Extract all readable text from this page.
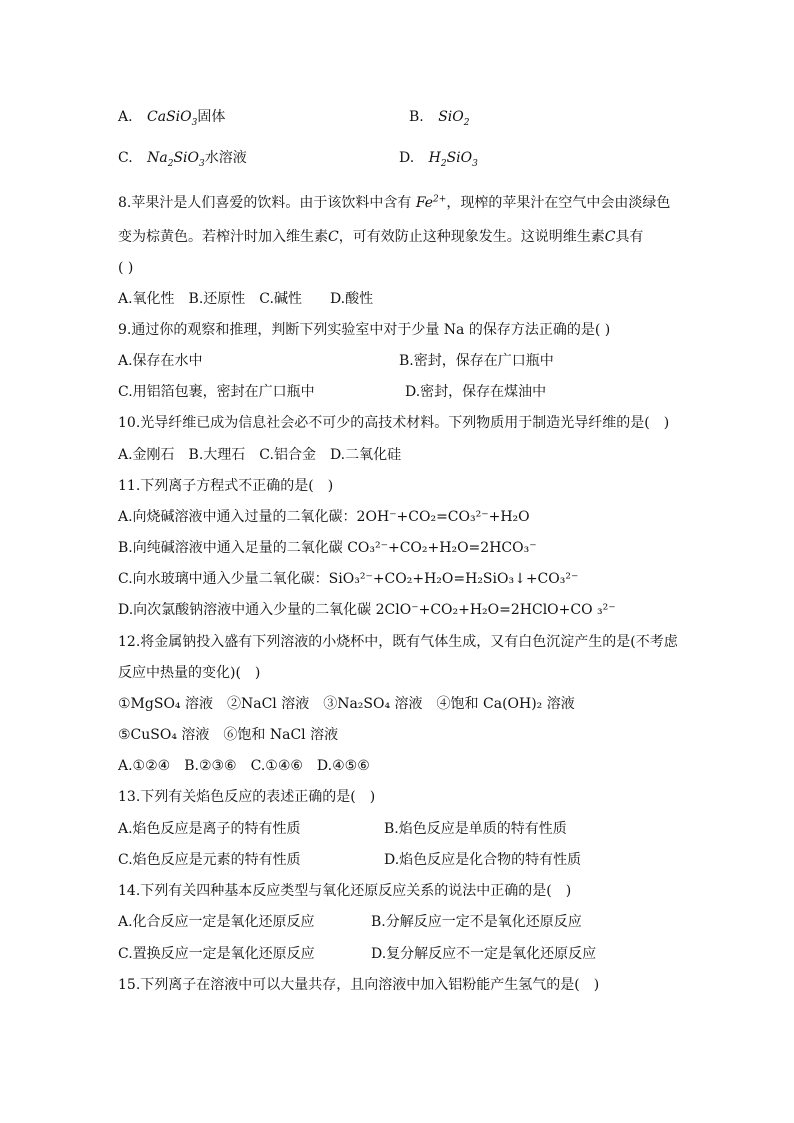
A. CaSiO$_3$固体	B. SiO$_2$
C. $Na_2SiO_3$水溶液	D. $H_2SiO_3$
8.苹果汁是人们喜爱的饮料。由于该饮料中含有 $Fe^{2+}$，现榨的苹果汁在空气中会由淡绿色
变为棕黄色。若榨汁时加入维生素C，可有效防止这种现象发生。这说明维生素C具有
( )
A.氧化性　B.还原性　C.碱性　　D.酸性
9.通过你的观察和推理，判断下列实验室中对于少量 Na 的保存方法正确的是( )
A.保存在水中	B.密封，保存在广口瓶中
C.用铝箔包裹，密封在广口瓶中	D.密封，保存在煤油中
10.光导纤维已成为信息社会必不可少的高技术材料。下列物质用于制造光导纤维的是(　)
A.金刚石　B.大理石　C.铝合金　D.二氧化硅
11.下列离子方程式不正确的是(　)
A.向烧碱溶液中通入过量的二氧化碳：2OH⁻+CO₂=CO₃²⁻+H₂O
B.向纯碱溶液中通入足量的二氧化碳 CO₃²⁻+CO₂+H₂O=2HCO₃⁻
C.向水玻璃中通入少量二氧化碳：SiO₃²⁻+CO₂+H₂O=H₂SiO₃↓+CO₃²⁻
D.向次氯酸钠溶液中通入少量的二氧化碳 2ClO⁻+CO₂+H₂O=2HClO+CO ₃²⁻
12.将金属钠投入盛有下列溶液的小烧杯中，既有气体生成，又有白色沉淀产生的是(不考虑
反应中热量的变化)(　)
①MgSO₄ 溶液　②NaCl 溶液　③Na₂SO₄ 溶液　④饱和 Ca(OH)₂ 溶液
⑤CuSO₄ 溶液　⑥饱和 NaCl 溶液
A.①②④　B.②③⑥　C.①④⑥　D.④⑤⑥
13.下列有关焰色反应的表述正确的是(　)
A.焰色反应是离子的特有性质	B.焰色反应是单质的特有性质
C.焰色反应是元素的特有性质	D.焰色反应是化合物的特有性质
14.下列有关四种基本反应类型与氧化还原反应关系的说法中正确的是(　)
A.化合反应一定是氧化还原反应	B.分解反应一定不是氧化还原反应
C.置换反应一定是氧化还原反应	D.复分解反应不一定是氧化还原反应
15.下列离子在溶液中可以大量共存，且向溶液中加入铝粉能产生氢气的是(　)
